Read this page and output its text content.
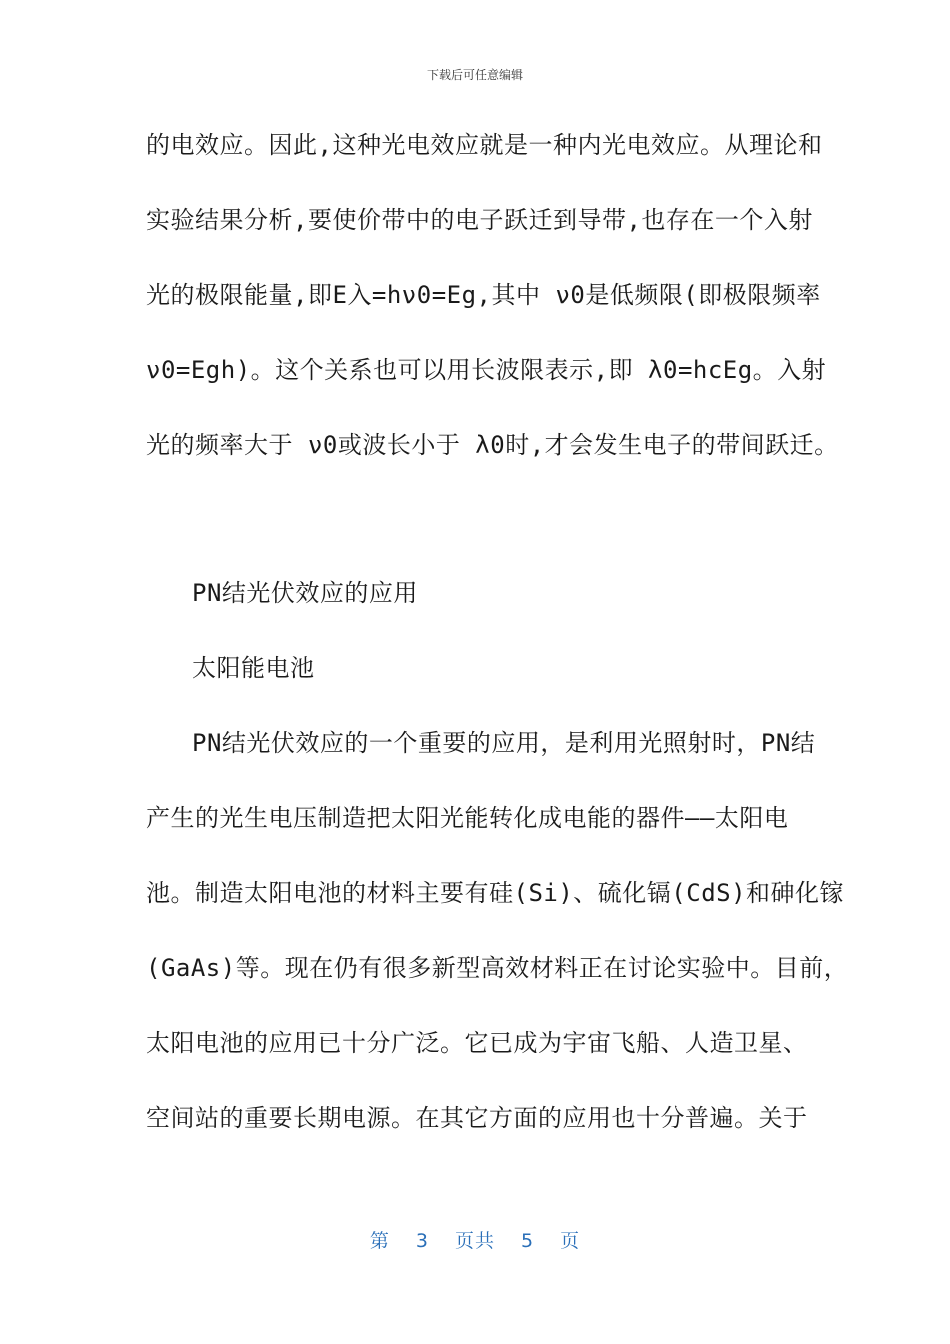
下载后可任意编辑
的电效应。因此,这种光电效应就是一种内光电效应。从理论和
实验结果分析,要使价带中的电子跃迁到导带,也存在一个入射
光的极限能量,即E入=hν0=Eg,其中 ν0是低频限(即极限频率
ν0=Egh)。这个关系也可以用长波限表示,即 λ0=hcEg。入射
光的频率大于 ν0或波长小于 λ0时,才会发生电子的带间跃迁。
PN结光伏效应的应用
太阳能电池
PN结光伏效应的一个重要的应用，是利用光照射时，PN结
产生的光生电压制造把太阳光能转化成电能的器件——太阳电
池。制造太阳电池的材料主要有硅(Si)、硫化镉(CdS)和砷化镓
(GaAs)等。现在仍有很多新型高效材料正在讨论实验中。目前，
太阳电池的应用已十分广泛。它已成为宇宙飞船、人造卫星、
空间站的重要长期电源。在其它方面的应用也十分普遍。关于
第 3 页共 5 页
